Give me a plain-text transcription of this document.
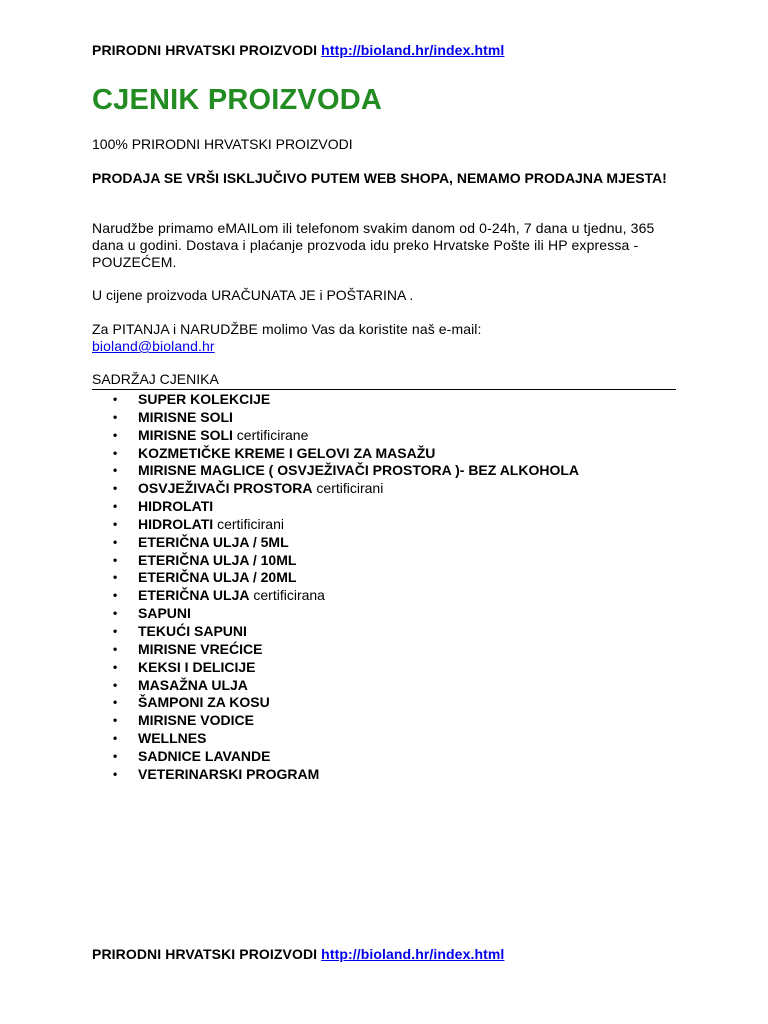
PRIRODNI HRVATSKI PROIZVODI http://bioland.hr/index.html
CJENIK PROIZVODA

100% PRIRODNI HRVATSKI PROIZVODI

PRODAJA SE VRŠI ISKLJUČIVO PUTEM WEB SHOPA, NEMAMO PRODAJNA MJESTA!

Narudžbe primamo eMAILom ili telefonom svakim danom od 0-24h, 7 dana u tjednu, 365 dana u godini. Dostava i plaćanje prozvoda idu preko Hrvatske Pošte ili HP expressa - POUZEĆEM.

U cijene proizvoda URAČUNATA JE i POŠTARINA .

Za PITANJA i NARUDŽBE molimo Vas da koristite naš e-mail:
bioland@bioland.hr

SADRŽAJ CJENIKA
• SUPER KOLEKCIJE
• MIRISNE SOLI
• MIRISNE SOLI certificirane
• KOZMETIČKE KREME I GELOVI ZA MASAŽU
• MIRISNE MAGLICE ( OSVJEŽIVAČI PROSTORA )- BEZ ALKOHOLA
• OSVJEŽIVAČI PROSTORA certificirani
• HIDROLATI
• HIDROLATI certificirani
• ETERIČNA ULJA / 5ML
• ETERIČNA ULJA / 10ML
• ETERIČNA ULJA / 20ML
• ETERIČNA ULJA certificirana
• SAPUNI
• TEKUĆI SAPUNI
• MIRISNE VREĆICE
• KEKSI I DELICIJE
• MASAŽNA ULJA
• ŠAMPONI ZA KOSU
• MIRISNE VODICE
• WELLNES
• SADNICE LAVANDE
• VETERINARSKI PROGRAM
PRIRODNI HRVATSKI PROIZVODI http://bioland.hr/index.html
